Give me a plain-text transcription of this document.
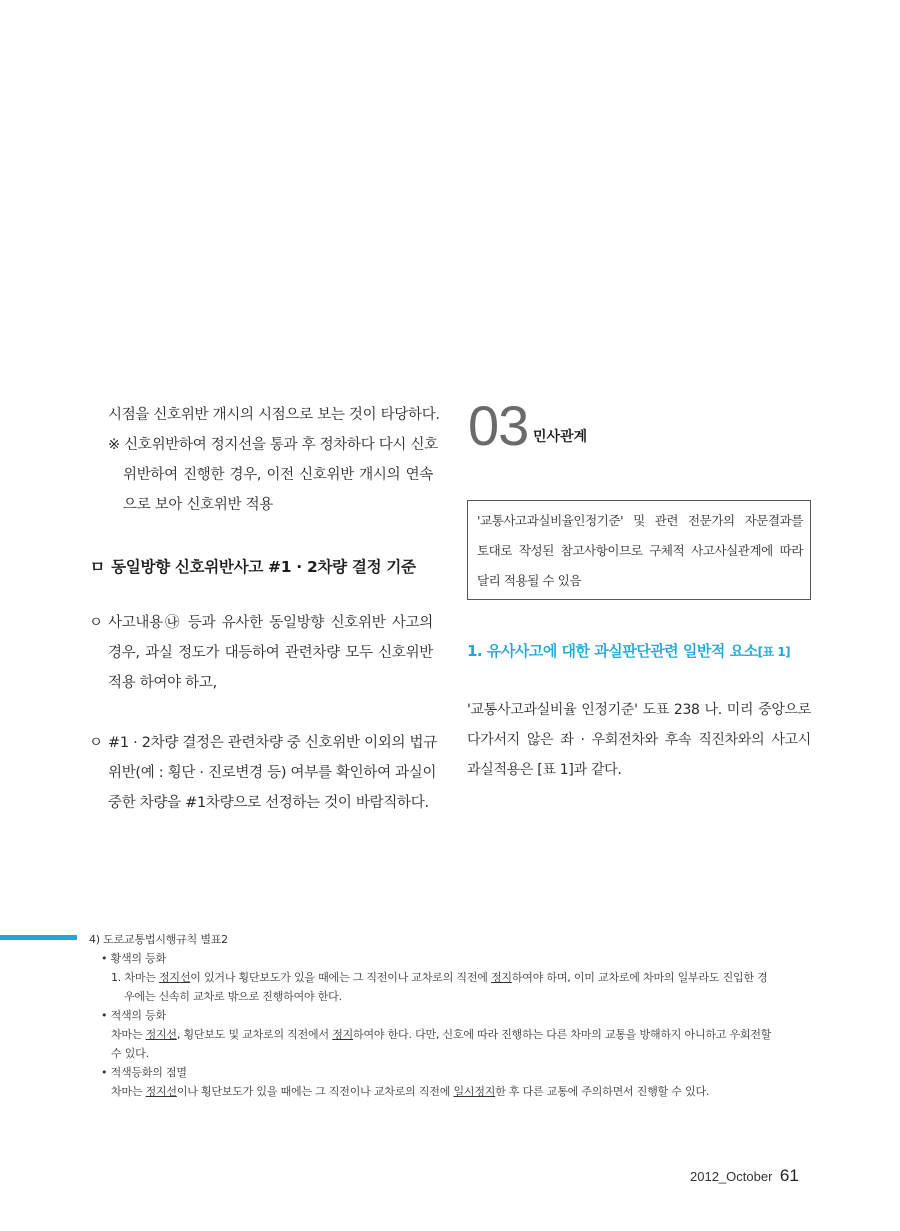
시점을 신호위반 개시의 시점으로 보는 것이 타당하다.
※ 신호위반하여 정지선을 통과 후 정차하다 다시 신호
위반하여 진행한 경우, 이전 신호위반 개시의 연속
으로 보아 신호위반 적용
ㅁ 동일방향 신호위반사고 #1 · 2차량 결정 기준
ㅇ 사고내용㉯ 등과 유사한 동일방향 신호위반 사고의
경우, 과실 정도가 대등하여 관련차량 모두 신호위반
적용 하여야 하고,
ㅇ #1 · 2차량 결정은 관련차량 중 신호위반 이외의 법규
위반(예 : 횡단 · 진로변경 등) 여부를 확인하여 과실이
중한 차량을 #1차량으로 선정하는 것이 바람직하다.
03 민사관계
'교통사고과실비율인정기준' 및 관련 전문가의 자문결과를
토대로 작성된 참고사항이므로 구체적 사고사실관계에 따라
달리 적용될 수 있음
1. 유사사고에 대한 과실판단관련 일반적 요소[표 1]
'교통사고과실비율 인정기준' 도표 238 나. 미리 중앙으로
다가서지 않은 좌 · 우회전차와 후속 직진차와의 사고시
과실적용은 [표 1]과 같다.
4) 도로교통법시행규칙 별표2
• 황색의 등화
1. 차마는 정지선이 있거나 횡단보도가 있을 때에는 그 직전이나 교차로의 직전에 정지하여야 하며, 이미 교차로에 차마의 일부라도 진입한 경
우에는 신속히 교차로 밖으로 진행하여야 한다.
• 적색의 등화
차마는 정지선, 횡단보도 및 교차로의 직전에서 정지하여야 한다. 다만, 신호에 따라 진행하는 다른 차마의 교통을 방해하지 아니하고 우회전할
수 있다.
• 적색등화의 점멸
차마는 정지선이나 횡단보도가 있을 때에는 그 직전이나 교차로의 직전에 일시정지한 후 다른 교통에 주의하면서 진행할 수 있다.
2012_October 61
